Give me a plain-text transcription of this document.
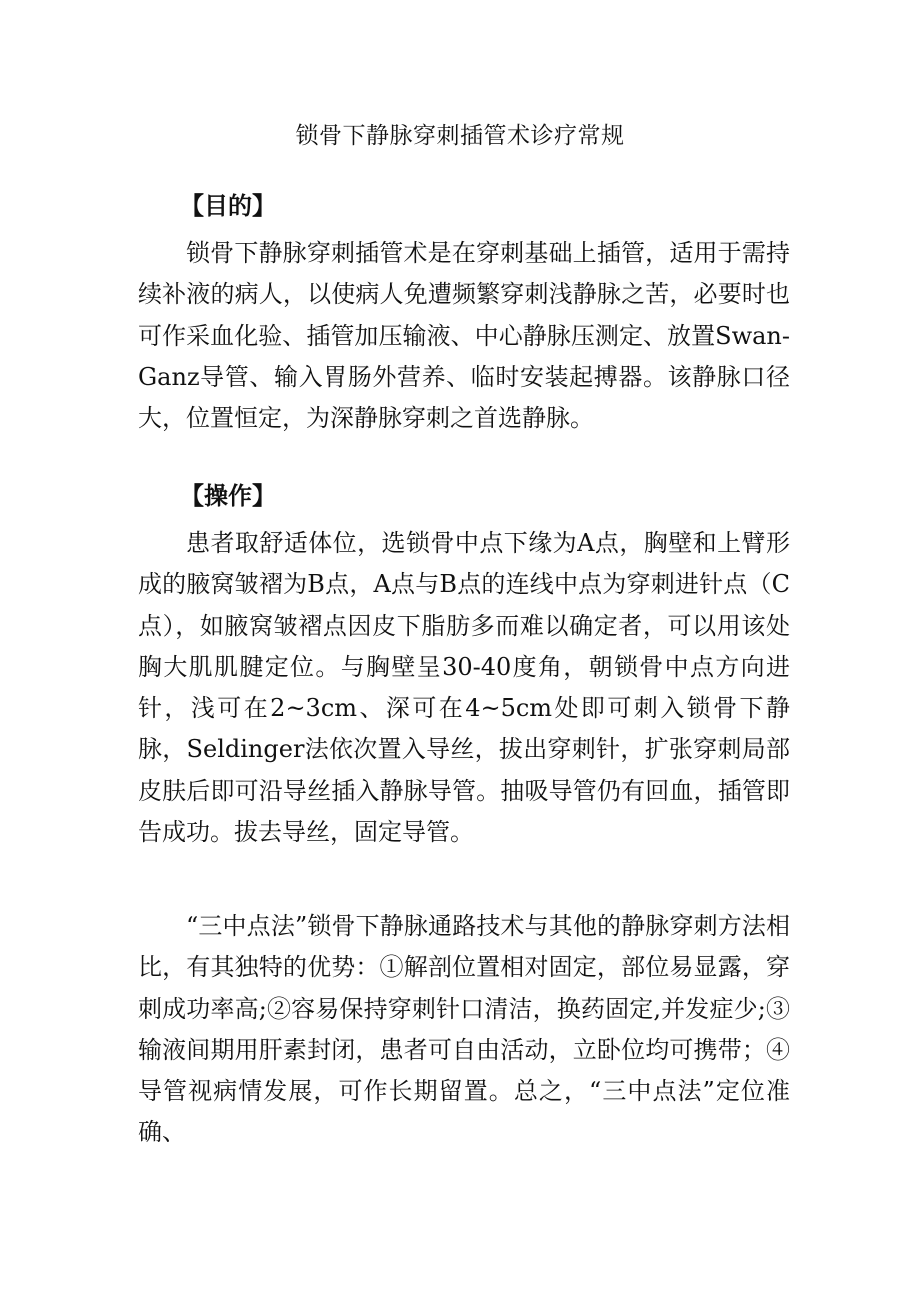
锁骨下静脉穿刺插管术诊疗常规
【目的】

锁骨下静脉穿刺插管术是在穿刺基础上插管，适用于需持续补液的病人，以使病人免遭频繁穿刺浅静脉之苦，必要时也可作采血化验、插管加压输液、中心静脉压测定、放置Swan-Ganz导管、输入胃肠外营养、临时安装起搏器。该静脉口径大，位置恒定，为深静脉穿刺之首选静脉。

【操作】

患者取舒适体位，选锁骨中点下缘为A点，胸壁和上臂形成的腋窝皱褶为B点，A点与B点的连线中点为穿刺进针点（C点），如腋窝皱褶点因皮下脂肪多而难以确定者，可以用该处胸大肌肌腱定位。与胸壁呈30-40度角，朝锁骨中点方向进针，浅可在2~3cm、深可在4~5cm处即可刺入锁骨下静脉，Seldinger法依次置入导丝，拔出穿刺针，扩张穿刺局部皮肤后即可沿导丝插入静脉导管。抽吸导管仍有回血，插管即告成功。拔去导丝，固定导管。

“三中点法”锁骨下静脉通路技术与其他的静脉穿刺方法相比，有其独特的优势：①解剖位置相对固定，部位易显露，穿刺成功率高;②容易保持穿刺针口清洁，换药固定,并发症少;③输液间期用肝素封闭，患者可自由活动，立卧位均可携带；④导管视病情发展，可作长期留置。总之，“三中点法”定位准确、
